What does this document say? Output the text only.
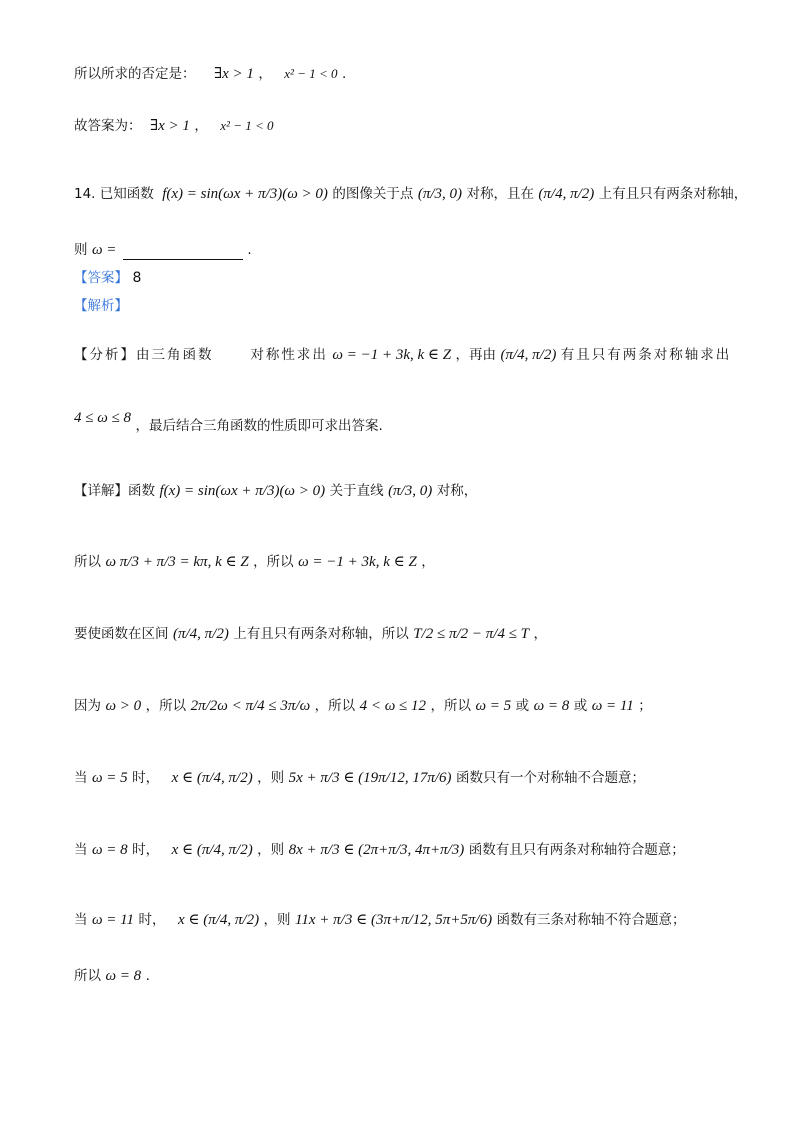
所以所求的否定是： ∃x > 1 ， x² − 1 < 0 .
故答案为： ∃x > 1 ， x² − 1 < 0
14. 已知函数 f(x) = sin(ωx + π/3)(ω > 0) 的图像关于点 (π/3, 0) 对称，且在 (π/4, π/2) 上有且只有两条对称轴，
则 ω =	.
【答案】 8
【解析】
【分析】由三角函数	对称性求出 ω = −1 + 3k, k ∈ Z ，再由 (π/4, π/2) 有且只有两条对称轴求出
4 ≤ ω ≤ 8 ，最后结合三角函数的性质即可求出答案.
【详解】函数 f(x) = sin(ωx + π/3)(ω > 0) 关于直线 (π/3, 0) 对称，
所以 ω π/3 + π/3 = kπ, k ∈ Z ，所以 ω = −1 + 3k, k ∈ Z ，
要使函数在区间 (π/4, π/2) 上有且只有两条对称轴，所以 T/2 ≤ π/2 − π/4 ≤ T ，
因为 ω > 0 ，所以 2π/2ω < π/4 ≤ 3π/ω ，所以 4 < ω ≤ 12 ，所以 ω = 5 或 ω = 8 或 ω = 11 ；
当 ω = 5 时， x ∈ (π/4, π/2) ，则 5x + π/3 ∈ (19π/12, 17π/6) 函数只有一个对称轴不合题意；
当 ω = 8 时， x ∈ (π/4, π/2) ，则 8x + π/3 ∈ (2π+π/3, 4π+π/3) 函数有且只有两条对称轴符合题意；
当 ω = 11 时， x ∈ (π/4, π/2) ，则 11x + π/3 ∈ (3π+π/12, 5π+5π/6) 函数有三条对称轴不符合题意；
所以 ω = 8 .
